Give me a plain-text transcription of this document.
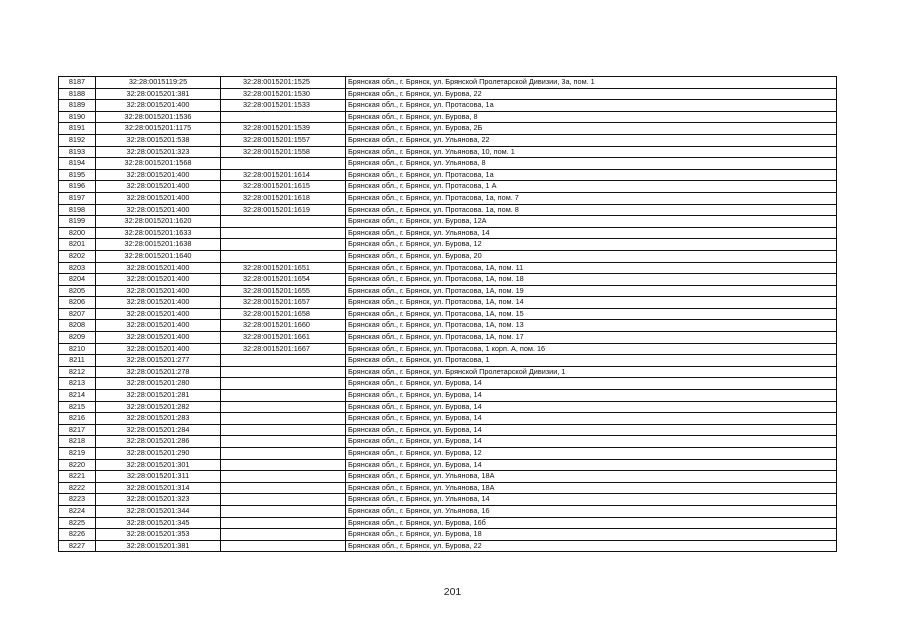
8187	32:28:0015119:25	32:28:0015201:1525	Брянская обл., г. Брянск, ул. Брянской Пролетарской Дивизии, 3а, пом. 1
8188	32:28:0015201:381	32:28:0015201:1530	Брянская обл., г. Брянск, ул. Бурова, 22
8189	32:28:0015201:400	32:28:0015201:1533	Брянская обл., г. Брянск, ул. Протасова, 1а
8190	32:28:0015201:1536		Брянская обл., г. Брянск, ул. Бурова, 8
8191	32:28:0015201:1175	32:28:0015201:1539	Брянская обл., г. Брянск, ул. Бурова, 2Б
8192	32:28:0015201:538	32:28:0015201:1557	Брянская обл., г. Брянск, ул. Ульянова, 22
8193	32:28:0015201:323	32:28:0015201:1558	Брянская обл., г. Брянск, ул. Ульянова, 10, пом. 1
8194	32:28:0015201:1568		Брянская обл., г. Брянск, ул. Ульянова, 8
8195	32:28:0015201:400	32:28:0015201:1614	Брянская обл., г. Брянск, ул. Протасова, 1а
8196	32:28:0015201:400	32:28:0015201:1615	Брянская обл., г. Брянск, ул. Протасова, 1 А
8197	32:28:0015201:400	32:28:0015201:1618	Брянская обл., г. Брянск, ул. Протасова, 1а, пом. 7
8198	32:28:0015201:400	32:28:0015201:1619	Брянская обл., г. Брянск, ул. Протасова. 1а, пом. 8
8199	32:28:0015201:1620		Брянская обл., г. Брянск, ул. Бурова, 12А
8200	32:28:0015201:1633		Брянская обл., г. Брянск, ул. Ульянова, 14
8201	32:28:0015201:1638		Брянская обл., г. Брянск, ул. Бурова, 12
8202	32:28:0015201:1640		Брянская обл., г. Брянск, ул. Бурова, 20
8203	32:28:0015201:400	32:28:0015201:1651	Брянская обл., г. Брянск, ул. Протасова, 1А, пом. 11
8204	32:28:0015201:400	32:28:0015201:1654	Брянская обл., г. Брянск, ул. Протасова, 1А, пом. 18
8205	32:28:0015201:400	32:28:0015201:1655	Брянская обл., г. Брянск, ул. Протасова, 1А, пом. 19
8206	32:28:0015201:400	32:28:0015201:1657	Брянская обл., г. Брянск, ул. Протасова, 1А, пом. 14
8207	32:28:0015201:400	32:28:0015201:1658	Брянская обл., г. Брянск, ул. Протасова, 1А, пом. 15
8208	32:28:0015201:400	32:28:0015201:1660	Брянская обл., г. Брянск, ул. Протасова, 1А, пом. 13
8209	32:28:0015201:400	32:28:0015201:1661	Брянская обл., г. Брянск, ул. Протасова, 1А, пом. 17
8210	32:28:0015201:400	32:28:0015201:1667	Брянская обл., г. Брянск, ул. Протасова, 1 корп. А, пом. 16
8211	32:28:0015201:277		Брянская обл., г. Брянск, ул. Протасова, 1
8212	32:28:0015201:278		Брянская обл., г. Брянск, ул. Брянской Пролетарской Дивизии, 1
8213	32:28:0015201:280		Брянская обл., г. Брянск, ул. Бурова, 14
8214	32:28:0015201:281		Брянская обл., г. Брянск, ул. Бурова, 14
8215	32:28:0015201:282		Брянская обл., г. Брянск, ул. Бурова, 14
8216	32:28:0015201:283		Брянская обл., г. Брянск, ул. Бурова, 14
8217	32:28:0015201:284		Брянская обл., г. Брянск, ул. Бурова, 14
8218	32:28:0015201:286		Брянская обл., г. Брянск, ул. Бурова, 14
8219	32:28:0015201:290		Брянская обл., г. Брянск, ул. Бурова, 12
8220	32:28:0015201:301		Брянская обл., г. Брянск, ул. Бурова, 14
8221	32:28:0015201:311		Брянская обл., г. Брянск, ул. Ульянова, 18А
8222	32:28:0015201:314		Брянская обл., г. Брянск, ул. Ульянова, 18А
8223	32:28:0015201:323		Брянская обл., г. Брянск, ул. Ульянова, 14
8224	32:28:0015201:344		Брянская обл., г. Брянск, ул. Ульянова, 16
8225	32:28:0015201:345		Брянская обл., г. Брянск, ул. Бурова, 16б
8226	32:28:0015201:353		Брянская обл., г. Брянск, ул. Бурова, 18
8227	32:28:0015201:381		Брянская обл., г. Брянск, ул. Бурова, 22
201
